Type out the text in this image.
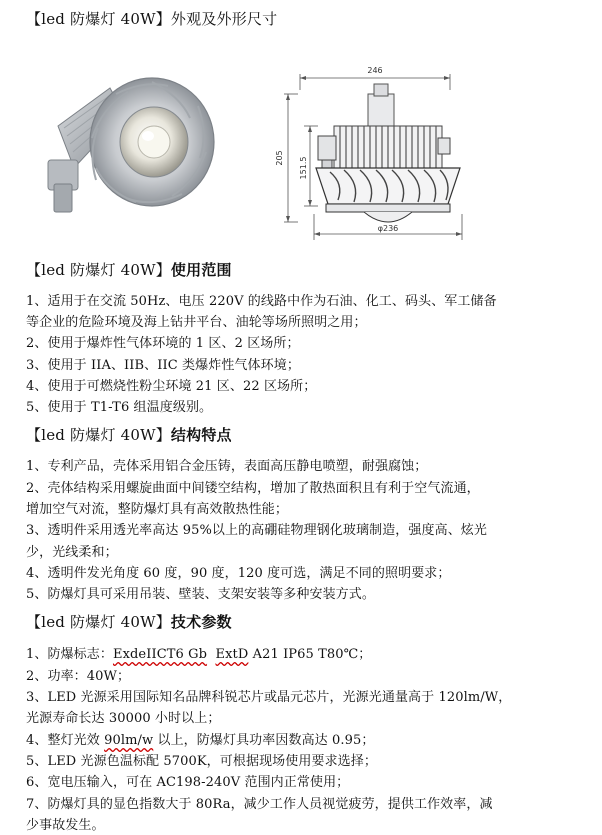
【led 防爆灯 40W】外观及外形尺寸
246
205 151.5
φ236
【led 防爆灯 40W】使用范围
1、适用于在交流 50Hz、电压 220V 的线路中作为石油、化工、码头、军工储备
等企业的危险环境及海上钻井平台、油轮等场所照明之用；
2、使用于爆炸性气体环境的 1 区、2 区场所；
3、使用于 IIA、IIB、IIC 类爆炸性气体环境；
4、使用于可燃烧性粉尘环境 21 区、22 区场所；
5、使用于 T1-T6 组温度级别。
【led 防爆灯 40W】结构特点
1、专利产品，壳体采用铝合金压铸，表面高压静电喷塑，耐强腐蚀；
2、壳体结构采用螺旋曲面中间镂空结构，增加了散热面积且有利于空气流通，
增加空气对流，整防爆灯具有高效散热性能；
3、透明件采用透光率高达 95%以上的高硼硅物理钢化玻璃制造，强度高、炫光
少，光线柔和；
4、透明件发光角度 60 度，90 度，120 度可选，满足不同的照明要求；
5、防爆灯具可采用吊装、壁装、支架安装等多种安装方式。
【led 防爆灯 40W】技术参数
1、防爆标志：ExdeIICT6 Gb ExtD A21 IP65 T80℃；
2、功率：40W；
3、LED 光源采用国际知名品牌科锐芯片或晶元芯片，光源光通量高于 120lm/W，
光源寿命长达 30000 小时以上；
4、整灯光效 90lm/w 以上，防爆灯具功率因数高达 0.95；
5、LED 光源色温标配 5700K，可根据现场使用要求选择；
6、宽电压输入，可在 AC198-240V 范围内正常使用；
7、防爆灯具的显色指数大于 80Ra，减少工作人员视觉疲劳，提供工作效率，减
少事故发生。
